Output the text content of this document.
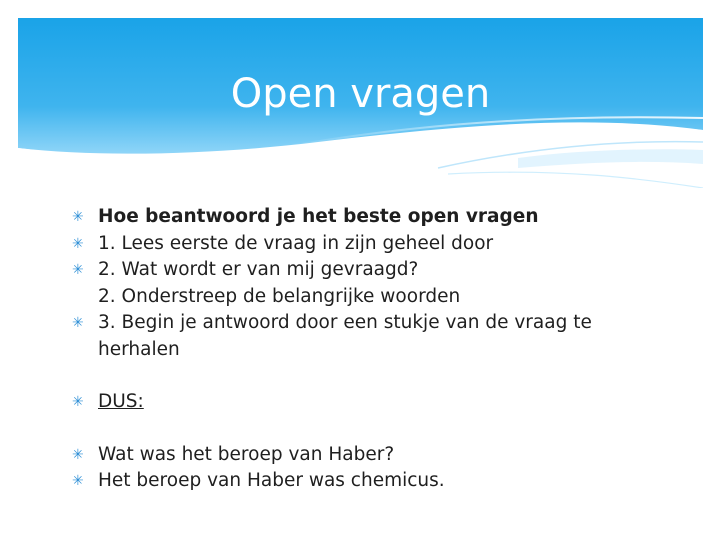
Open vragen
✳ Hoe beantwoord je het beste open vragen
✳ 1. Lees eerste de vraag in zijn geheel door
✳ 2. Wat wordt er van mij gevraagd?
2. Onderstreep de belangrijke woorden
✳ 3. Begin je antwoord door een stukje van de vraag te
herhalen
✳ DUS:
✳ Wat was het beroep van Haber?
✳ Het beroep van Haber was chemicus.
